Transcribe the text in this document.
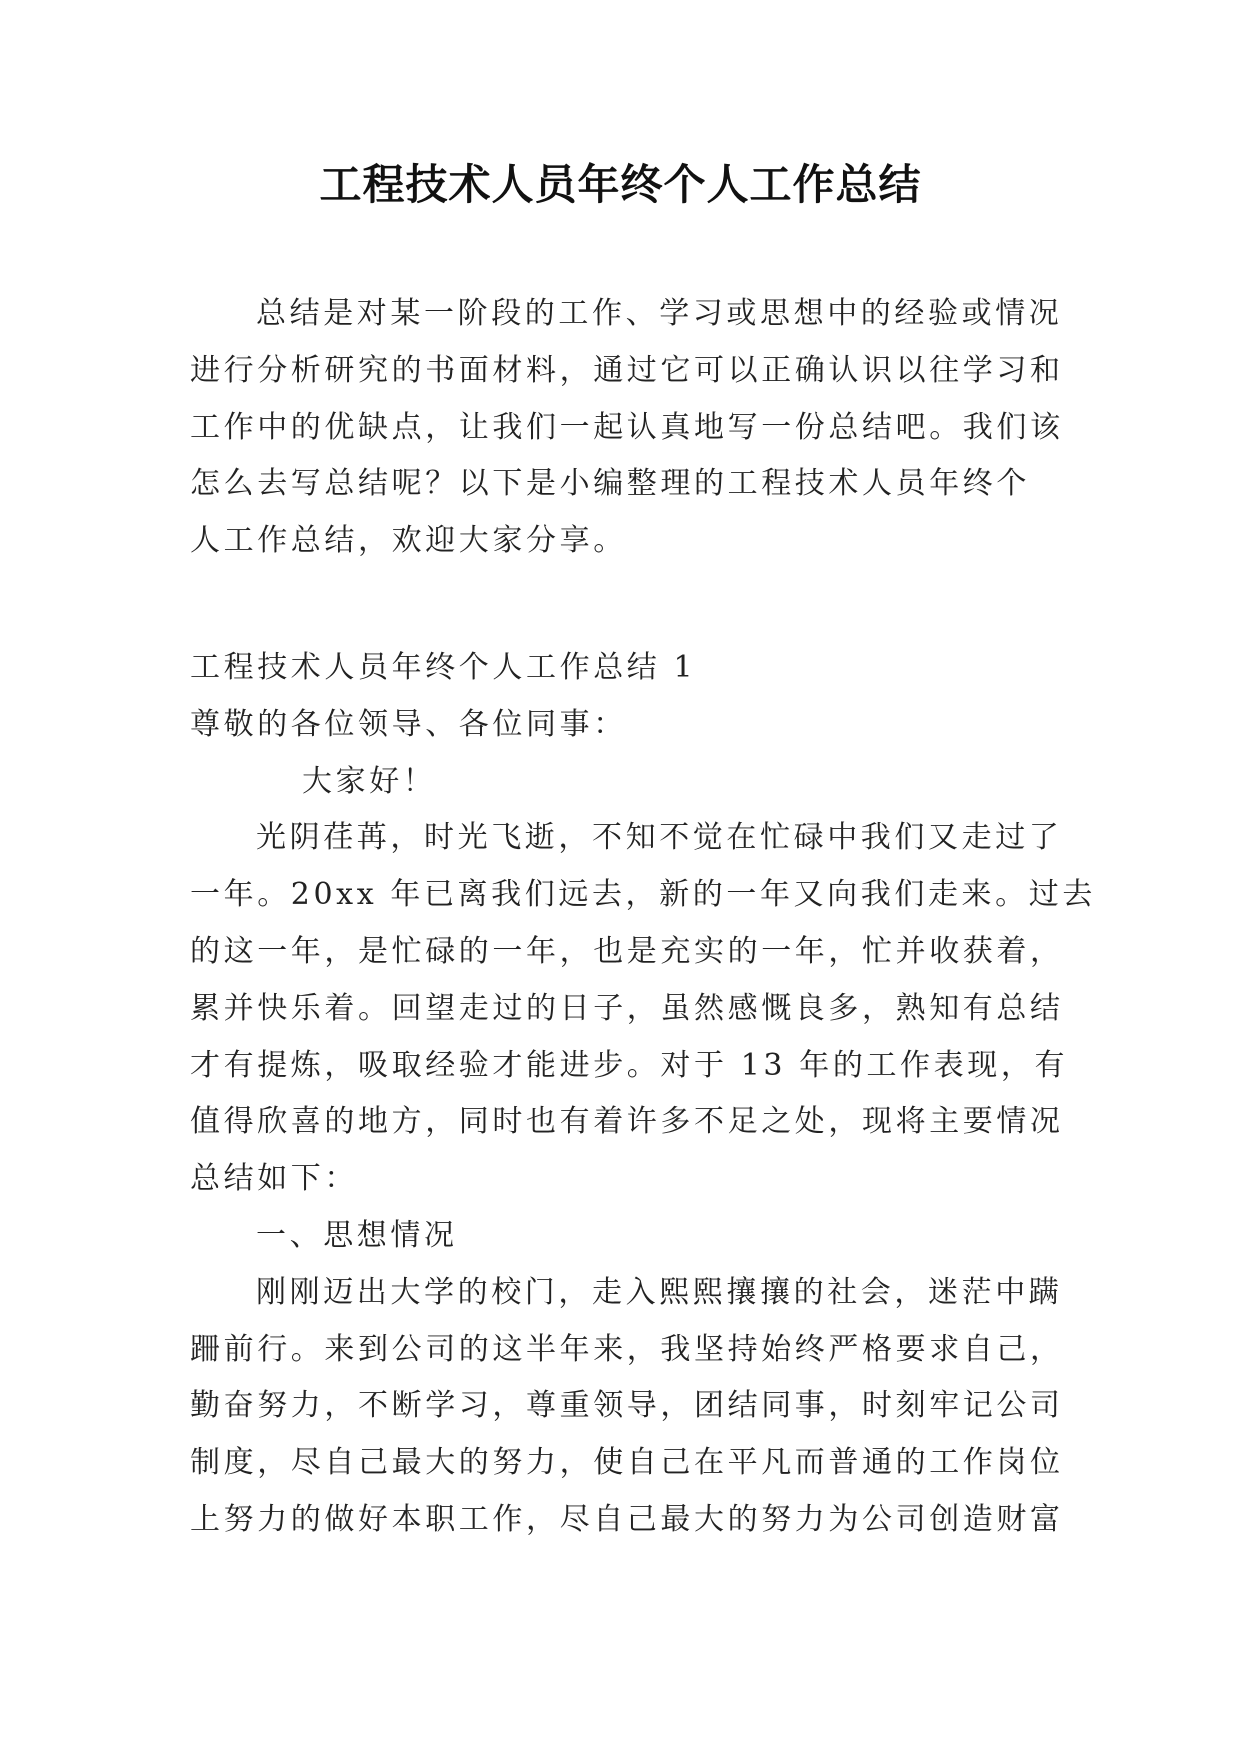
工程技术人员年终个人工作总结
总结是对某一阶段的工作、学习或思想中的经验或情况
进行分析研究的书面材料，通过它可以正确认识以往学习和
工作中的优缺点，让我们一起认真地写一份总结吧。我们该
怎么去写总结呢？以下是小编整理的工程技术人员年终个
人工作总结，欢迎大家分享。
工程技术人员年终个人工作总结 1
尊敬的各位领导、各位同事：
大家好！
光阴荏苒，时光飞逝，不知不觉在忙碌中我们又走过了
一年。20xx 年已离我们远去，新的一年又向我们走来。过去
的这一年，是忙碌的一年，也是充实的一年，忙并收获着，
累并快乐着。回望走过的日子，虽然感慨良多，熟知有总结
才有提炼，吸取经验才能进步。对于 13 年的工作表现，有
值得欣喜的地方，同时也有着许多不足之处，现将主要情况
总结如下：
一、思想情况
刚刚迈出大学的校门，走入熙熙攘攘的社会，迷茫中蹒
跚前行。来到公司的这半年来，我坚持始终严格要求自己，
勤奋努力，不断学习，尊重领导，团结同事，时刻牢记公司
制度，尽自己最大的努力，使自己在平凡而普通的工作岗位
上努力的做好本职工作，尽自己最大的努力为公司创造财富
